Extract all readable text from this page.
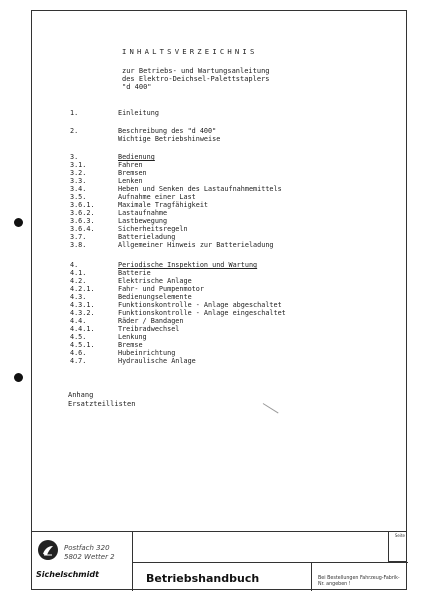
INHALTSVERZEICHNIS
zur Betriebs- und Wartungsanleitung
des Elektro-Deichsel-Palettstaplers
"d 400"
1.	Einleitung
2.	Beschreibung des "d 400"
Wichtige Betriebshinweise
3.	Bedienung
3.1.	Fahren
3.2.	Bremsen
3.3.	Lenken
3.4.	Heben und Senken des Lastaufnahmemittels
3.5.	Aufnahme einer Last
3.6.1.	Maximale Tragfähigkeit
3.6.2.	Lastaufnahme
3.6.3.	Lastbewegung
3.6.4.	Sicherheitsregeln
3.7.	Batterieladung
3.8.	Allgemeiner Hinweis zur Batterieladung
4.	Periodische Inspektion und Wartung
4.1.	Batterie
4.2.	Elektrische Anlage
4.2.1.	Fahr- und Pumpenmotor
4.3.	Bedienungselemente
4.3.1.	Funktionskontrolle - Anlage abgeschaltet
4.3.2.	Funktionskontrolle - Anlage eingeschaltet
4.4.	Räder / Bandagen
4.4.1.	Treibradwechsel
4.5.	Lenkung
4.5.1.	Bremse
4.6.	Hubeinrichtung
4.7.	Hydraulische Anlage
Anhang
Ersatzteillisten
Postfach 320
5802 Wetter 2
Sichelschmidt	Betriebshandbuch
Seite
Bei Bestellungen Fahrzeug-Fabrik-Nr. angeben !
